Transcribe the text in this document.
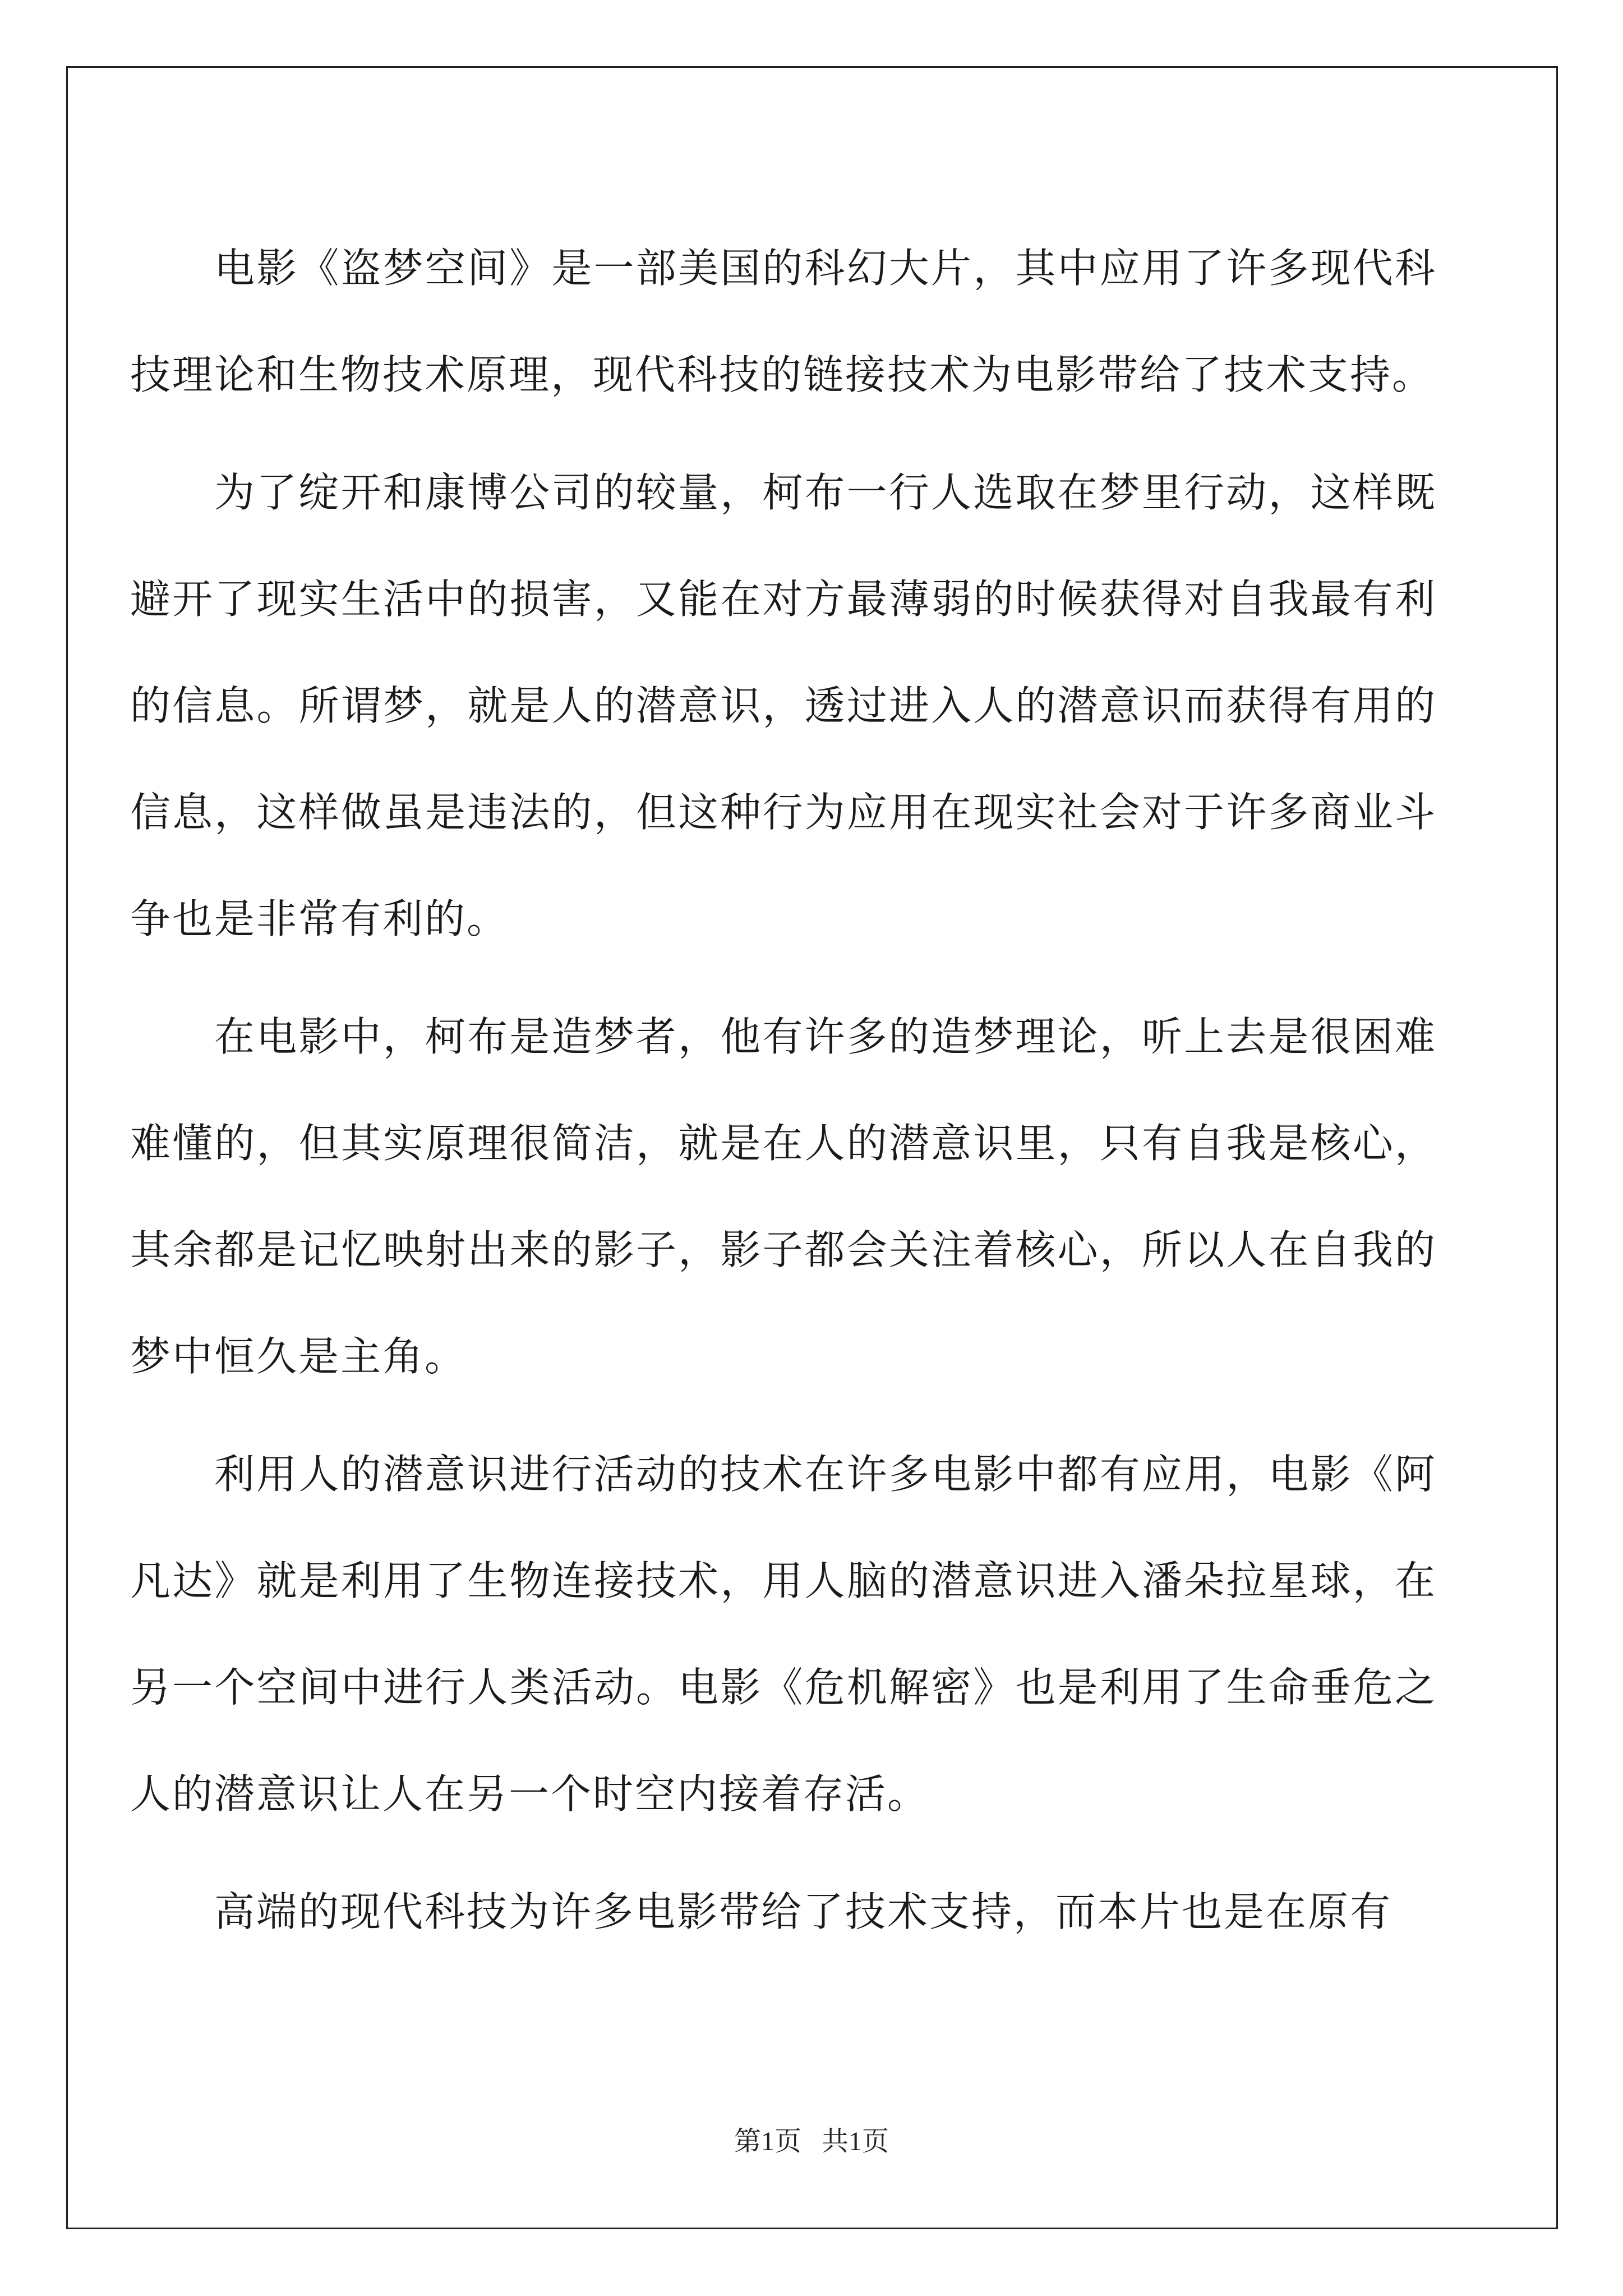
电影《盗梦空间》是一部美国的科幻大片，其中应用了许多现代科技理论和生物技术原理，现代科技的链接技术为电影带给了技术支持。

为了绽开和康博公司的较量，柯布一行人选取在梦里行动，这样既避开了现实生活中的损害，又能在对方最薄弱的时候获得对自我最有利的信息。所谓梦，就是人的潜意识，透过进入人的潜意识而获得有用的信息，这样做虽是违法的，但这种行为应用在现实社会对于许多商业斗争也是非常有利的。

在电影中，柯布是造梦者，他有许多的造梦理论，听上去是很困难难懂的，但其实原理很简洁，就是在人的潜意识里，只有自我是核心，其余都是记忆映射出来的影子，影子都会关注着核心，所以人在自我的梦中恒久是主角。

利用人的潜意识进行活动的技术在许多电影中都有应用，电影《阿凡达》就是利用了生物连接技术，用人脑的潜意识进入潘朵拉星球，在另一个空间中进行人类活动。电影《危机解密》也是利用了生命垂危之人的潜意识让人在另一个时空内接着存活。

高端的现代科技为许多电影带给了技术支持，而本片也是在原有

第1页   共1页
